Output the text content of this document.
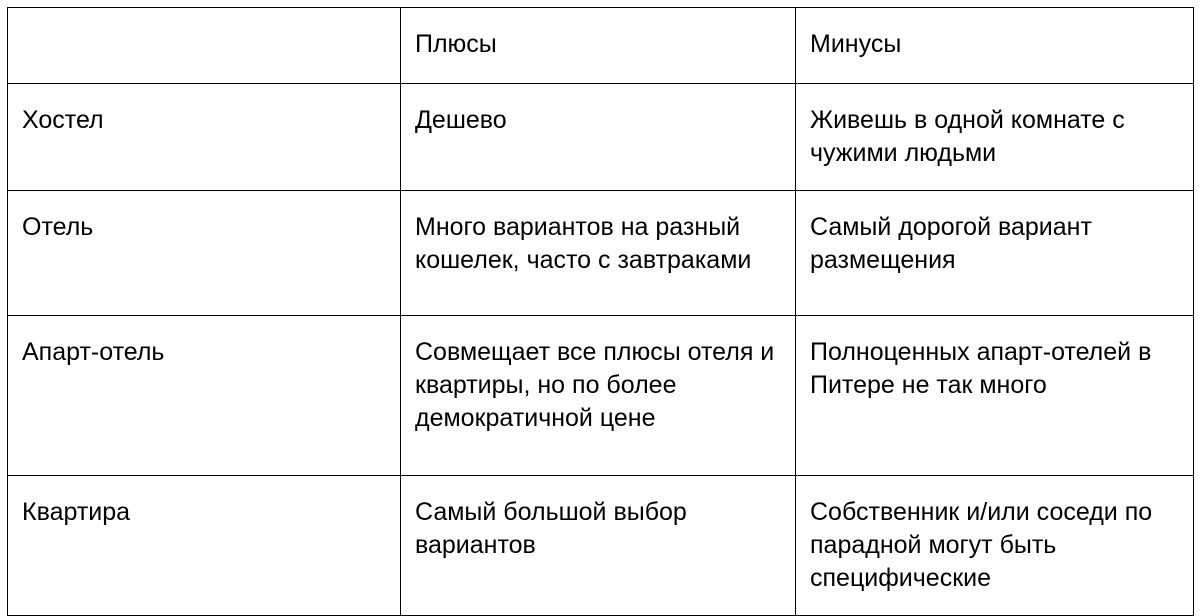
	Плюсы	Минусы
Хостел	Дешево	Живешь в одной комнате с чужими людьми
Отель	Много вариантов на разный кошелек, часто с завтраками	Самый дорогой вариант размещения
Апарт-отель	Совмещает все плюсы отеля и квартиры, но по более демократичной цене	Полноценных апарт-отелей в Питере не так много
Квартира	Самый большой выбор вариантов	Собственник и/или соседи по парадной могут быть специфические
